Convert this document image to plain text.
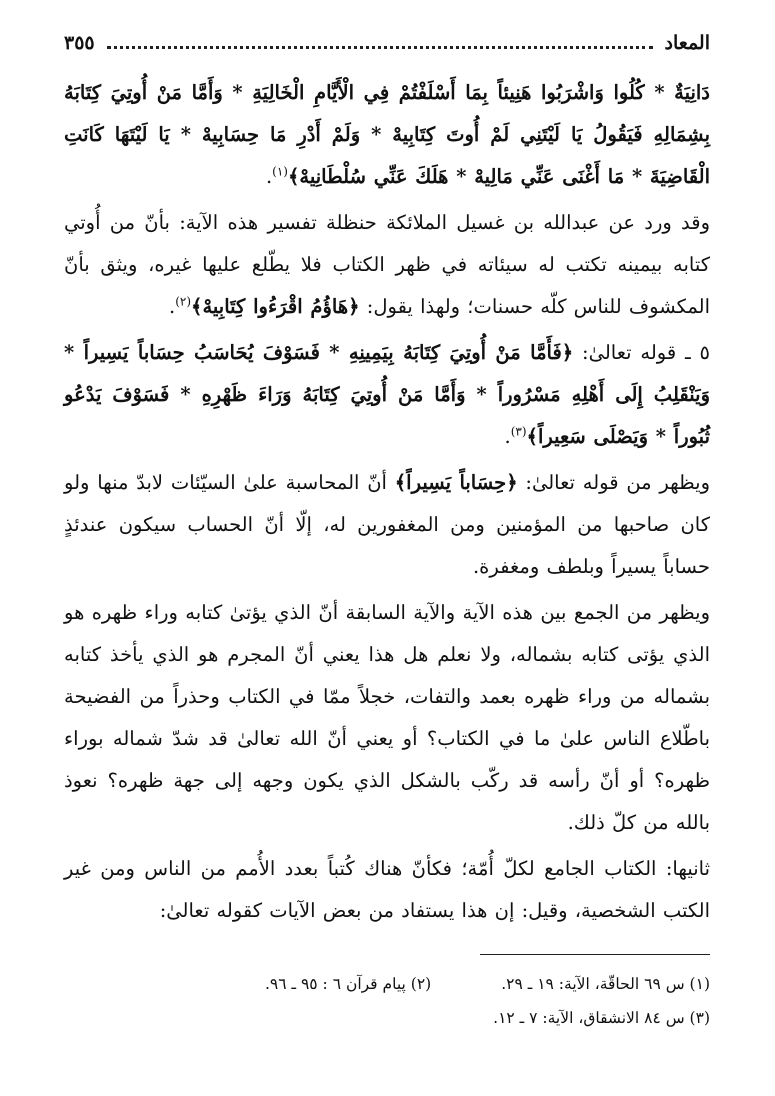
المعاد
٣٥٥

دَانِيَةٌ * كُلُوا وَاشْرَبُوا هَنِيئاً بِمَا أَسْلَفْتُمْ فِي الْأَيَّامِ الْخَالِيَةِ * وَأَمَّا مَنْ أُوتِيَ كِتَابَهُ بِشِمَالِهِ فَيَقُولُ يَا لَيْتَنِي لَمْ أُوتَ كِتَابِيهْ * وَلَمْ أَدْرِ مَا حِسَابِيهْ * يَا لَيْتَهَا كَانَتِ الْقَاضِيَةَ * مَا أَغْنَى عَنِّي مَالِيهْ * هَلَكَ عَنِّي سُلْطَانِيهْ﴾$^{(١)}$.

وقد ورد عن عبدالله بن غسيل الملائكة حنظلة تفسير هذه الآية: بأنّ من أُوتي كتابه بيمينه تكتب له سيئاته في ظهر الكتاب فلا يطّلع عليها غيره، ويثق بأنّ المكشوف للناس كلّه حسنات؛ ولهذا يقول: ﴿هَاؤُمُ اقْرَءُوا كِتَابِيهْ﴾$^{(٢)}$.

٥ ـ قوله تعالىٰ: ﴿فَأَمَّا مَنْ أُوتِيَ كِتَابَهُ بِيَمِينِهِ * فَسَوْفَ يُحَاسَبُ حِسَاباً يَسِيراً * وَيَنْقَلِبُ إِلَى أَهْلِهِ مَسْرُوراً * وَأَمَّا مَنْ أُوتِيَ كِتَابَهُ وَرَاءَ ظَهْرِهِ * فَسَوْفَ يَدْعُو ثُبُوراً * وَيَصْلَى سَعِيراً﴾$^{(٣)}$.

ويظهر من قوله تعالىٰ: ﴿حِسَاباً يَسِيراً﴾ أنّ المحاسبة علىٰ السيّئات لابدّ منها ولو كان صاحبها من المؤمنين ومن المغفورين له، إلّا أنّ الحساب سيكون عندئذٍ حساباً يسيراً وبلطف ومغفرة.

ويظهر من الجمع بين هذه الآية والآية السابقة أنّ الذي يؤتىٰ كتابه وراء ظهره هو الذي يؤتى كتابه بشماله، ولا نعلم هل هذا يعني أنّ المجرم هو الذي يأخذ كتابه بشماله من وراء ظهره بعمد والتفات، خجلاً ممّا في الكتاب وحذراً من الفضيحة باطّلاع الناس علىٰ ما في الكتاب؟ أو يعني أنّ الله تعالىٰ قد شدّ شماله بوراء ظهره؟ أو أنّ رأسه قد ركّب بالشكل الذي يكون وجهه إلى جهة ظهره؟ نعوذ بالله من كلّ ذلك.

ثانيها: الكتاب الجامع لكلّ أُمّة؛ فكأنّ هناك كُتباً بعدد الأُمم من الناس ومن غير الكتب الشخصية، وقيل: إن هذا يستفاد من بعض الآيات كقوله تعالىٰ:

(١) س ٦٩ الحاقّة، الآية: ١٩ ـ ٢٩.
(٢) پيام قرآن ٦ : ٩٥ ـ ٩٦.
(٣) س ٨٤ الانشقاق، الآية: ٧ ـ ١٢.
